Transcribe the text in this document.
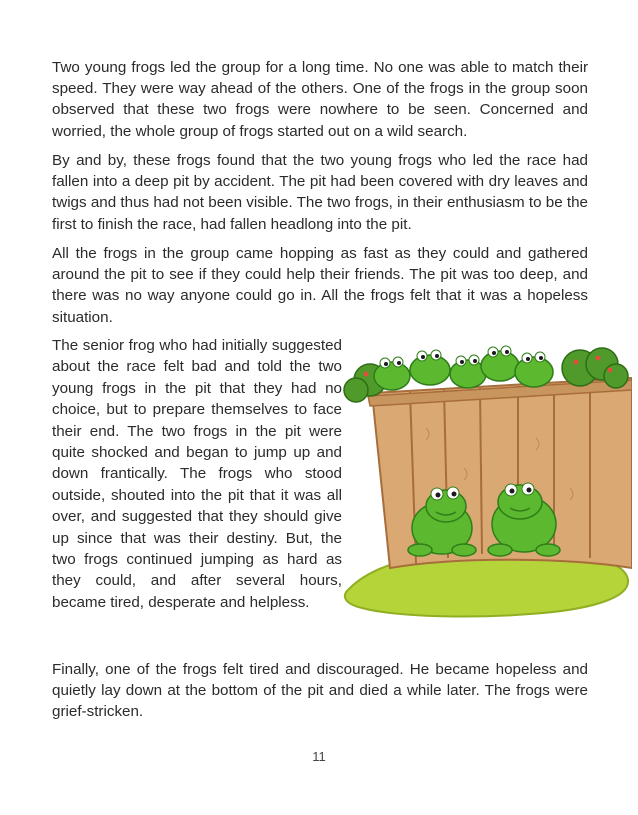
Two young frogs led the group for a long time. No one was able to match their speed. They were way ahead of the others. One of the frogs in the group soon observed that these two frogs were nowhere to be seen. Concerned and worried, the whole group of frogs started out on a wild search.

By and by, these frogs found that the two young frogs who led the race had fallen into a deep pit by accident. The pit had been covered with dry leaves and twigs and thus had not been visible. The two frogs, in their enthusiasm to be the first to finish the race, had fallen headlong into the pit.

All the frogs in the group came hopping as fast as they could and gathered around the pit to see if they could help their friends. The pit was too deep, and there was no way anyone could go in. All the frogs felt that it was a hopeless situation.

The senior frog who had initially suggested about the race felt bad and told the two young frogs in the pit that they had no choice, but to prepare themselves to face their end. The two frogs in the pit were quite shocked and began to jump up and down frantically. The frogs who stood outside, shouted into the pit that it was all over, and suggested that they should give up since that was their destiny. But, the two frogs continued jumping as hard as they could, and after several hours, became tired, desperate and helpless.

Finally, one of the frogs felt tired and discouraged. He became hopeless and quietly lay down at the bottom of the pit and died a while later. The frogs were grief-stricken.

11
